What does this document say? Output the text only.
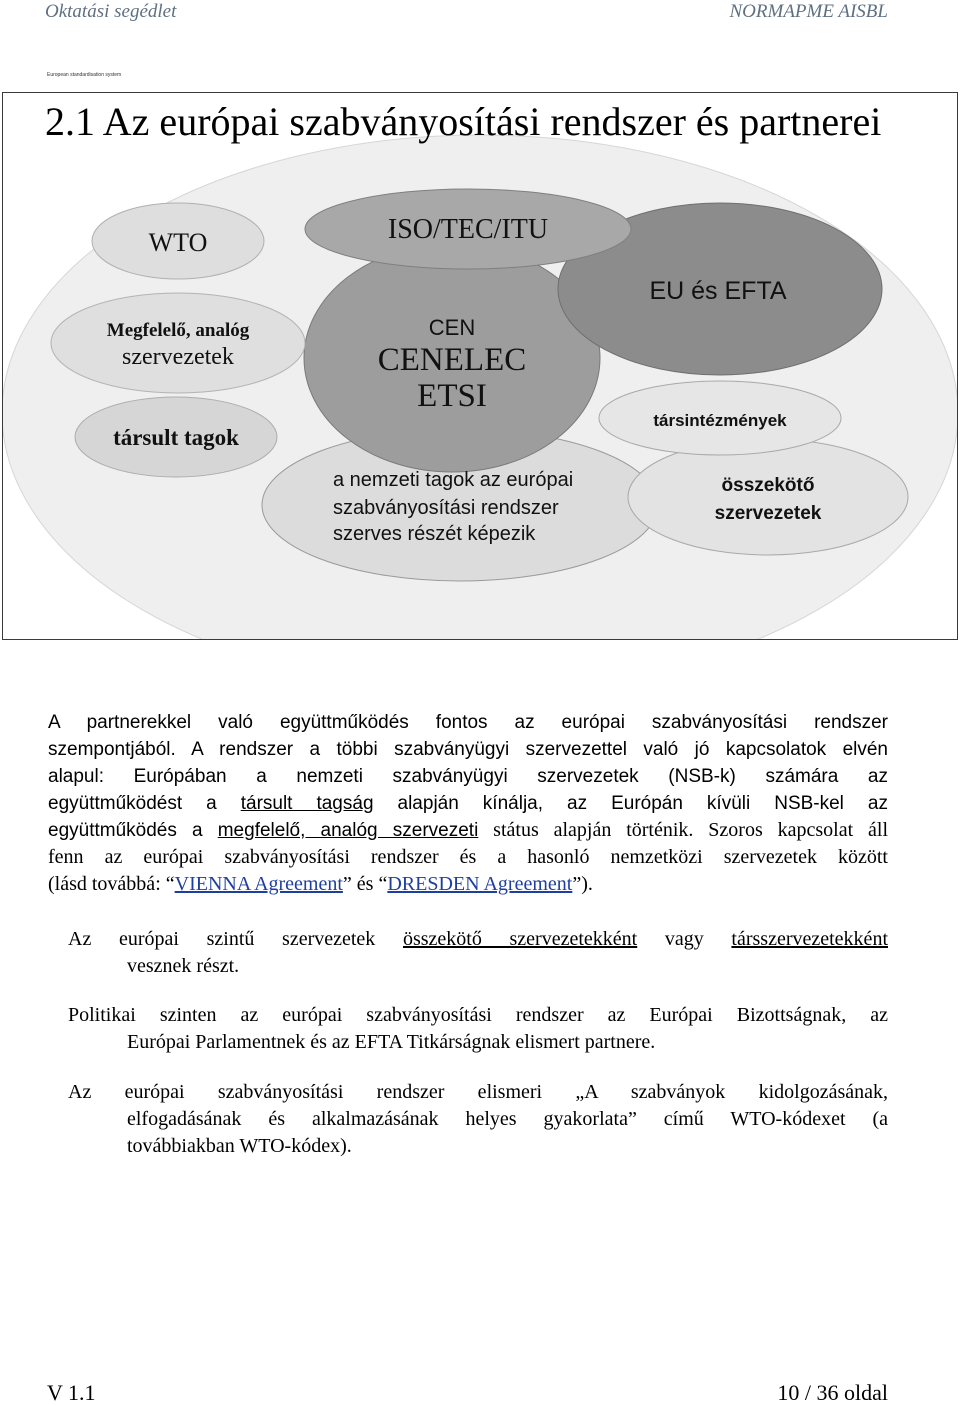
Oktatási segédlet	NORMAPME AISBL
European standardisation system
WTO	ISO/TEC/ITU
EU és EFTA
Megfelelő, analóg
szervezetek
CEN
CENELEC
ETSI
társintézmények
társult tagok
a nemzeti tagok az európai
szabványosítási rendszer
szerves részét képezik
összekötő
szervezetek
2.1 Az európai szabványosítási rendszer és partnerei
A partnerekkel való együttműködés fontos az európai szabványosítási rendszer
szempontjából. A rendszer a többi szabványügyi szervezettel való jó kapcsolatok elvén
alapul: Európában a nemzeti szabványügyi szervezetek (NSB-k) számára az
együttműködést a társult tagság alapján kínálja, az Európán kívüli NSB-kel az
együttműködés a megfelelő, analóg szervezeti státus alapján történik. Szoros kapcsolat áll
fenn az európai szabványosítási rendszer és a hasonló nemzetközi szervezetek között
(lásd továbbá: “VIENNA Agreement” és “DRESDEN Agreement”).
Az európai szintű szervezetek összekötő szervezetekként vagy társszervezetekként
vesznek részt.
Politikai szinten az európai szabványosítási rendszer az Európai Bizottságnak, az
Európai Parlamentnek és az EFTA Titkárságnak elismert partnere.
Az európai szabványosítási rendszer elismeri „A szabványok kidolgozásának,
elfogadásának és alkalmazásának helyes gyakorlata” című WTO-kódexet (a
továbbiakban WTO-kódex).
V 1.1	10 / 36 oldal
